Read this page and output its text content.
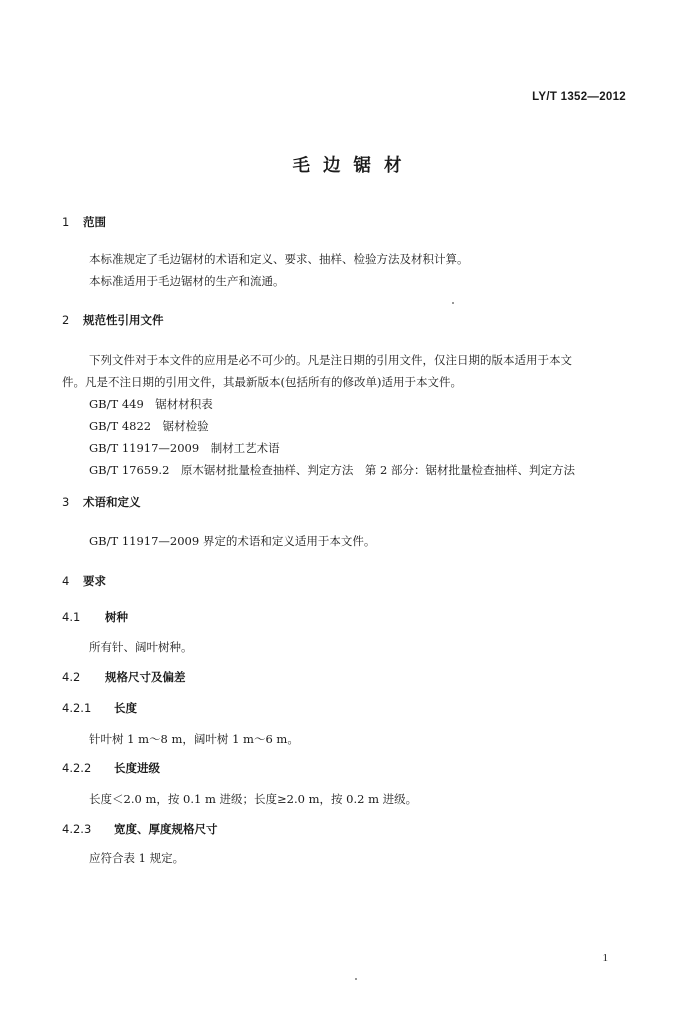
LY/T 1352—2012
毛边锯材
1 范围
本标准规定了毛边锯材的术语和定义、要求、抽样、检验方法及材积计算。
本标准适用于毛边锯材的生产和流通。
2 规范性引用文件
下列文件对于本文件的应用是必不可少的。凡是注日期的引用文件，仅注日期的版本适用于本文
件。凡是不注日期的引用文件，其最新版本(包括所有的修改单)适用于本文件。
GB/T 449　锯材材积表
GB/T 4822　锯材检验
GB/T 11917—2009　制材工艺术语
GB/T 17659.2　原木锯材批量检查抽样、判定方法　第 2 部分：锯材批量检查抽样、判定方法
3 术语和定义
GB/T 11917—2009 界定的术语和定义适用于本文件。
4 要求
4.1 树种
所有针、阔叶树种。
4.2 规格尺寸及偏差
4.2.1 长度
针叶树 1 m～8 m，阔叶树 1 m～6 m。
4.2.2 长度进级
长度＜2.0 m，按 0.1 m 进级；长度≥2.0 m，按 0.2 m 进级。
4.2.3 宽度、厚度规格尺寸
应符合表 1 规定。
1
